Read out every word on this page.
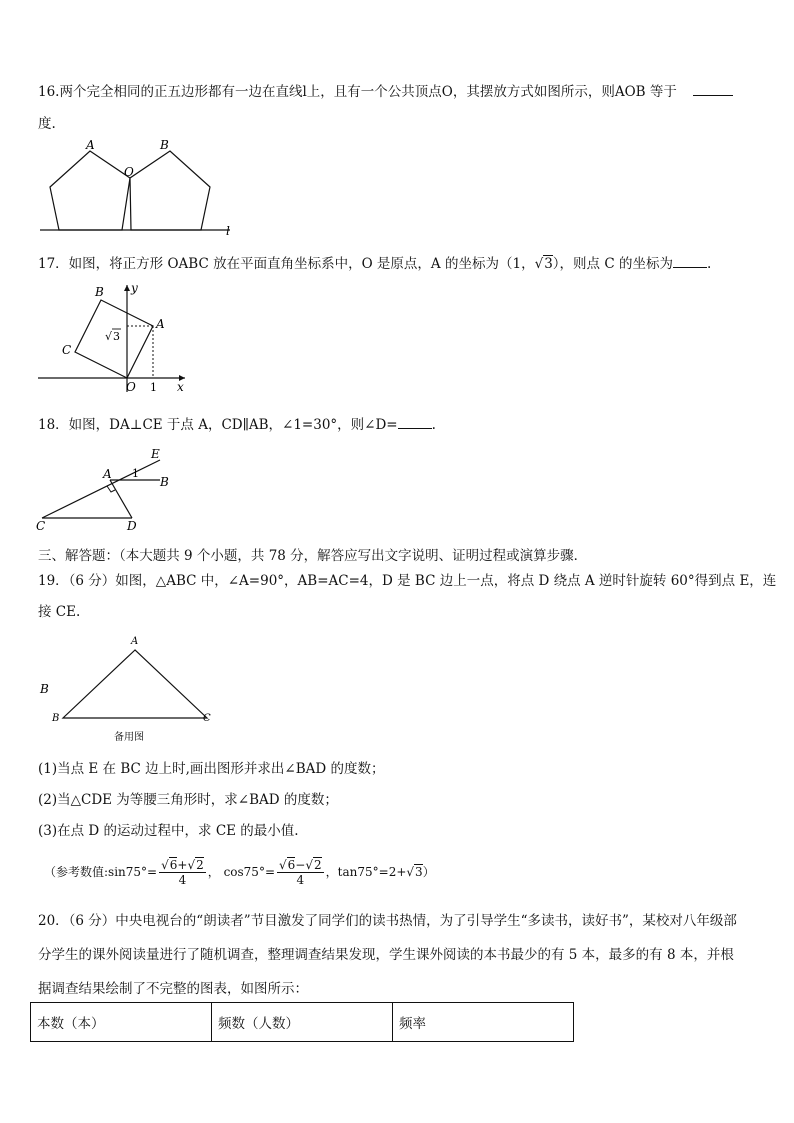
16.两个完全相同的正五边形都有一边在直线l上，且有一个公共顶点O，其摆放方式如图所示，则AOB 等于
度.
A	B
O
l
17．如图，将正方形 OABC 放在平面直角坐标系中，O 是原点，A 的坐标为（1，√3），则点 C 的坐标为	.
B y
A
C
O 1 x
√ 3
18．如图，DA⊥CE 于点 A，CD∥AB，∠1=30°，则∠D=	.
A
E
1
B
C	D
三、解答题：（本大题共 9 个小题，共 78 分，解答应写出文字说明、证明过程或演算步骤．
19．（6 分）如图，△ABC 中，∠A=90°，AB=AC=4，D 是 BC 边上一点，将点 D 绕点 A 逆时针旋转 60°得到点 E，连
接 CE.
A
B
B	C
备用图
(1)当点 E 在 BC 边上时,画出图形并求出∠BAD 的度数；
(2)当△CDE 为等腰三角形时，求∠BAD 的度数；
(3)在点 D 的运动过程中，求 CE 的最小值.
（参考数值:sin75°= $\frac{√6+√2}{4}$ ， $\cos 75^\circ= \frac{√6-√2}{4}$ ，tan75°=2+√3）
20．（6 分）中央电视台的“朗读者”节目激发了同学们的读书热情，为了引导学生“多读书，读好书”，某校对八年级部
分学生的课外阅读量进行了随机调查，整理调查结果发现，学生课外阅读的本书最少的有 5 本，最多的有 8 本，并根
据调查结果绘制了不完整的图表，如图所示：
本数（本）	频数（人数）	频率
